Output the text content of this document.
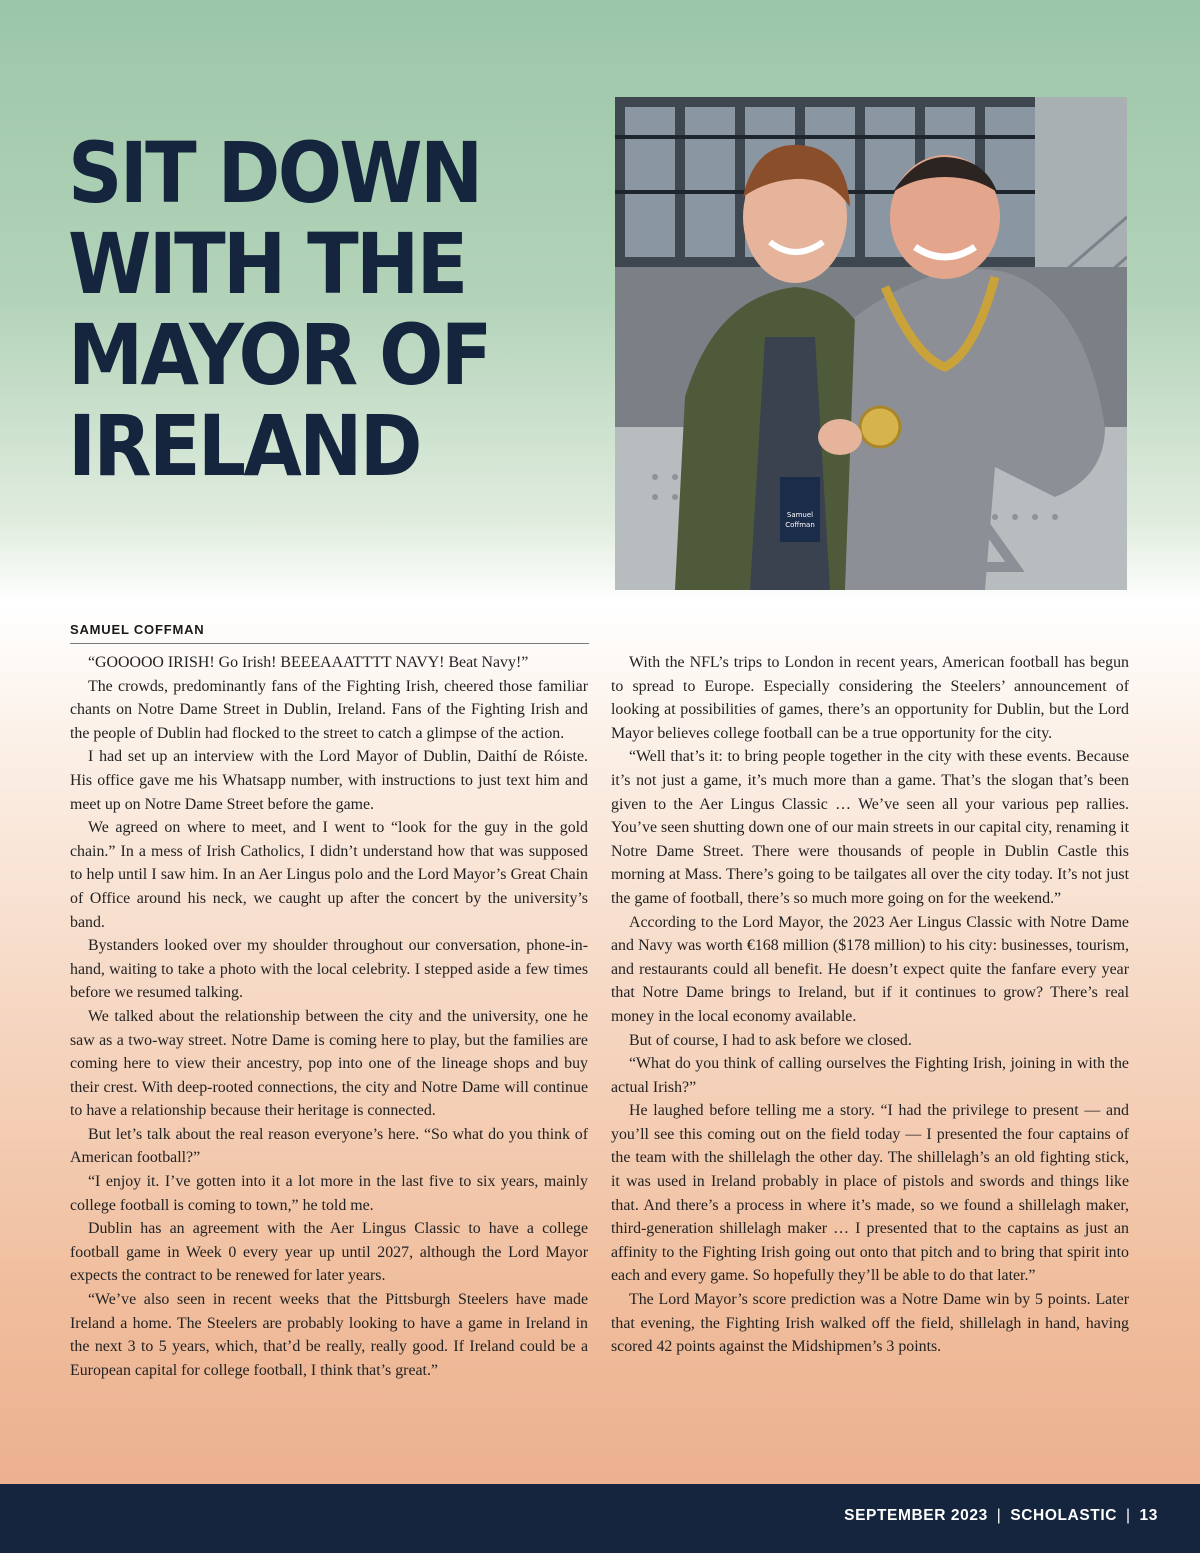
SIT DOWN
WITH THE
MAYOR OF
IRELAND
Samuel
Coffman
SAMUEL COFFMAN

“GOOOOO IRISH! Go Irish! BEEEAAATTTT NAVY! Beat Navy!”

The crowds, predominantly fans of the Fighting Irish, cheered those familiar chants on Notre Dame Street in Dublin, Ireland. Fans of the Fighting Irish and the people of Dublin had flocked to the street to catch a glimpse of the action.

I had set up an interview with the Lord Mayor of Dublin, Daithí de Róiste. His office gave me his Whatsapp number, with instructions to just text him and meet up on Notre Dame Street before the game.

We agreed on where to meet, and I went to “look for the guy in the gold chain.” In a mess of Irish Catholics, I didn’t understand how that was supposed to help until I saw him. In an Aer Lingus polo and the Lord Mayor’s Great Chain of Office around his neck, we caught up after the concert by the university’s band.

Bystanders looked over my shoulder throughout our conversation, phone-in-hand, waiting to take a photo with the local celebrity. I stepped aside a few times before we resumed talking.

We talked about the relationship between the city and the university, one he saw as a two-way street. Notre Dame is coming here to play, but the families are coming here to view their ancestry, pop into one of the lineage shops and buy their crest. With deep-rooted connections, the city and Notre Dame will continue to have a relationship because their heritage is connected.

But let’s talk about the real reason everyone’s here. “So what do you think of American football?”

“I enjoy it. I’ve gotten into it a lot more in the last five to six years, mainly college football is coming to town,” he told me.

Dublin has an agreement with the Aer Lingus Classic to have a college football game in Week 0 every year up until 2027, although the Lord Mayor expects the contract to be renewed for later years.

“We’ve also seen in recent weeks that the Pittsburgh Steelers have made Ireland a home. The Steelers are probably looking to have a game in Ireland in the next 3 to 5 years, which, that’d be really, really good. If Ireland could be a European capital for college football, I think that’s great.”

With the NFL’s trips to London in recent years, American football has begun to spread to Europe. Especially considering the Steelers’ announcement of looking at possibilities of games, there’s an opportunity for Dublin, but the Lord Mayor believes college football can be a true opportunity for the city.

“Well that’s it: to bring people together in the city with these events. Because it’s not just a game, it’s much more than a game. That’s the slogan that’s been given to the Aer Lingus Classic … We’ve seen all your various pep rallies. You’ve seen shutting down one of our main streets in our capital city, renaming it Notre Dame Street. There were thousands of people in Dublin Castle this morning at Mass. There’s going to be tailgates all over the city today. It’s not just the game of football, there’s so much more going on for the weekend.”

According to the Lord Mayor, the 2023 Aer Lingus Classic with Notre Dame and Navy was worth €168 million ($178 million) to his city: businesses, tourism, and restaurants could all benefit. He doesn’t expect quite the fanfare every year that Notre Dame brings to Ireland, but if it continues to grow? There’s real money in the local economy available.

But of course, I had to ask before we closed.

“What do you think of calling ourselves the Fighting Irish, joining in with the actual Irish?”

He laughed before telling me a story. “I had the privilege to present — and you’ll see this coming out on the field today — I presented the four captains of the team with the shillelagh the other day. The shillelagh’s an old fighting stick, it was used in Ireland probably in place of pistols and swords and things like that. And there’s a process in where it’s made, so we found a shillelagh maker, third-generation shillelagh maker … I presented that to the captains as just an affinity to the Fighting Irish going out onto that pitch and to bring that spirit into each and every game. So hopefully they’ll be able to do that later.”

The Lord Mayor’s score prediction was a Notre Dame win by 5 points. Later that evening, the Fighting Irish walked off the field, shillelagh in hand, having scored 42 points against the Midshipmen’s 3 points.

SEPTEMBER 2023 | SCHOLASTIC | 13
